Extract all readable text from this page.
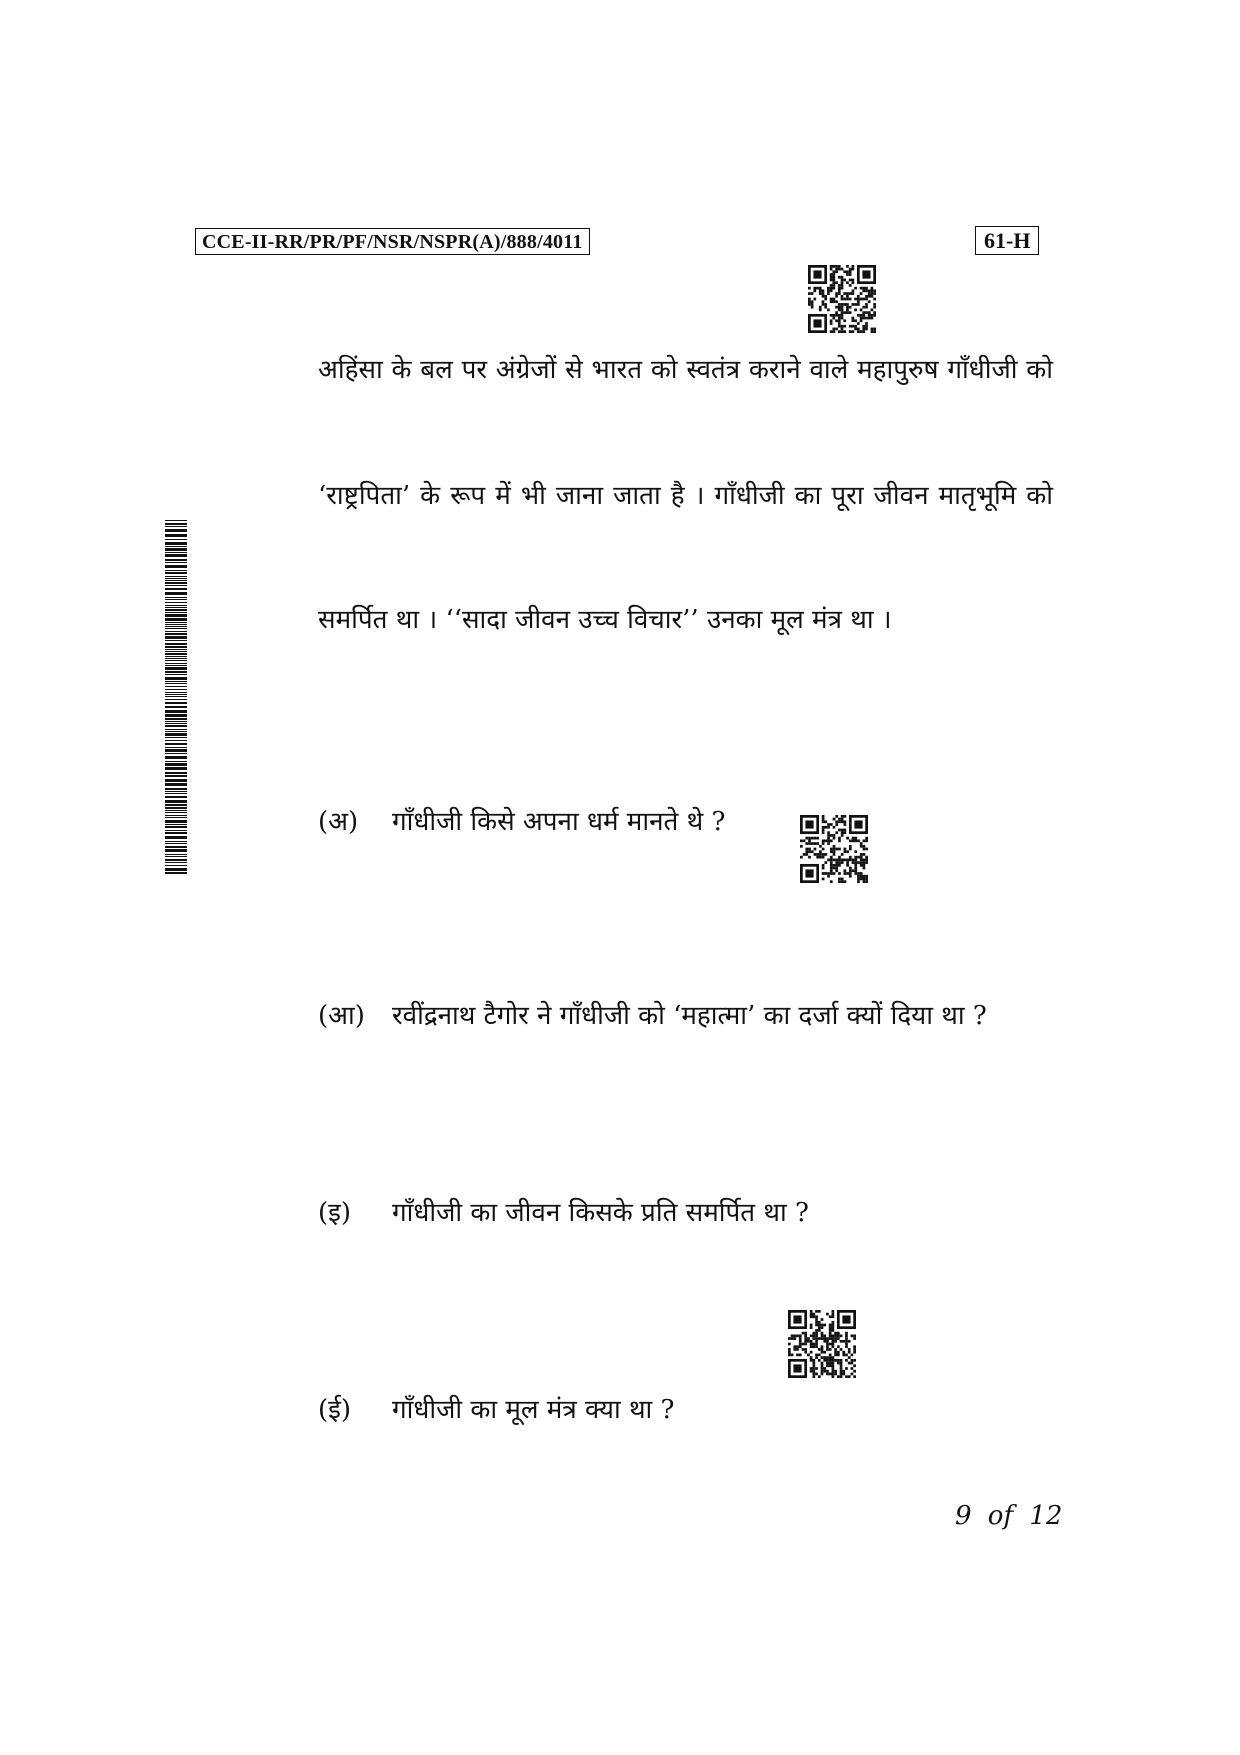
CCE-II-RR/PR/PF/NSR/NSPR(A)/888/4011	61-H
अहिंसा के बल पर अंग्रेजों से भारत को स्वतंत्र कराने वाले महापुरुष गाँधीजी को
‘राष्ट्रपिता’ के रूप में भी जाना जाता है । गाँधीजी का पूरा जीवन मातृभूमि को
समर्पित था । ‘‘सादा जीवन उच्च विचार’’ उनका मूल मंत्र था ।
(अ) गाँधीजी किसे अपना धर्म मानते थे ?
(आ) रवींद्रनाथ टैगोर ने गाँधीजी को ‘महात्मा’ का दर्जा क्यों दिया था ?
(इ) गाँधीजी का जीवन किसके प्रति समर्पित था ?
(ई) गाँधीजी का मूल मंत्र क्या था ?
9 of 12
